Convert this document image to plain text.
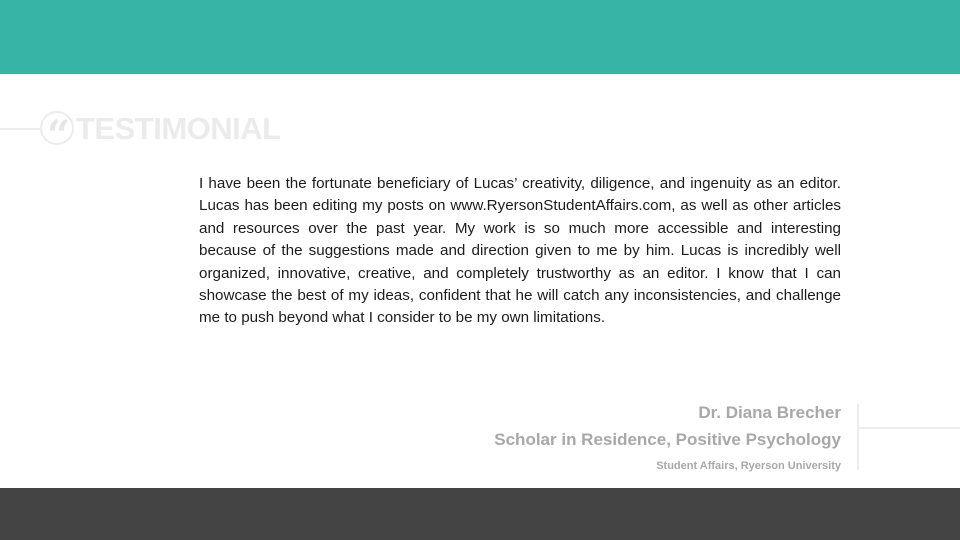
“ TESTIMONIAL

I have been the fortunate beneficiary of Lucas’ creativity, diligence, and ingenuity as an editor. Lucas has been editing my posts on www.RyersonStudentAffairs.com, as well as other articles and resources over the past year. My work is so much more accessible and interesting because of the suggestions made and direction given to me by him. Lucas is incredibly well organized, innovative, creative, and completely trustworthy as an editor. I know that I can showcase the best of my ideas, confident that he will catch any inconsistencies, and challenge me to push beyond what I consider to be my own limitations.

Dr. Diana Brecher
Scholar in Residence, Positive Psychology
Student Affairs, Ryerson University
